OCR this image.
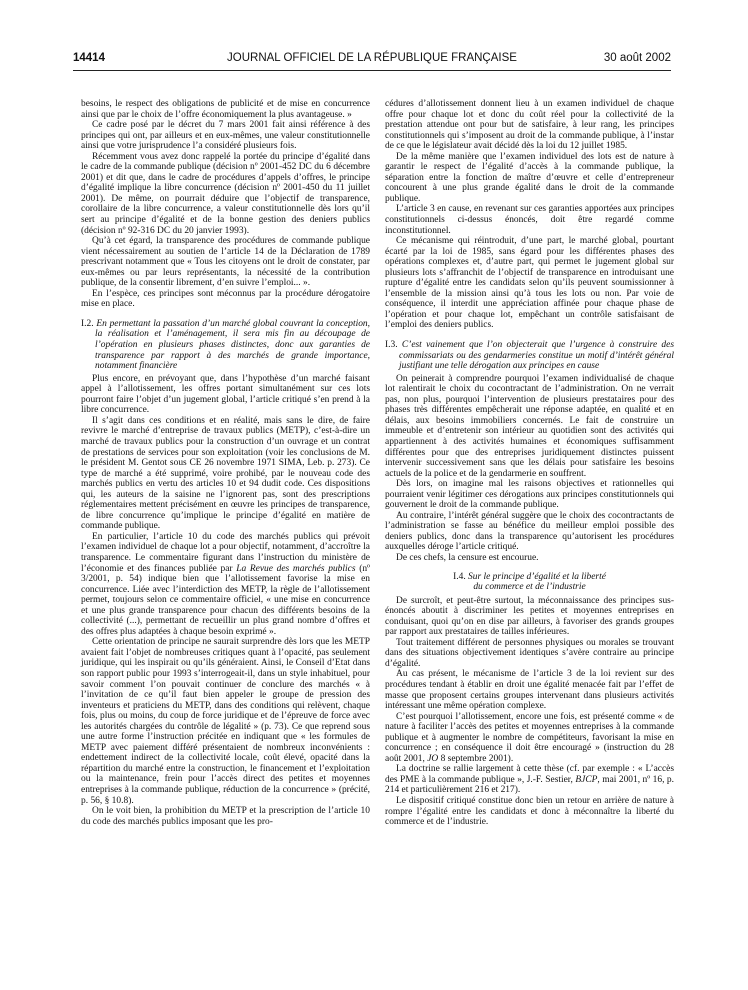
14414	JOURNAL OFFICIEL DE LA RÉPUBLIQUE FRANÇAISE	30 août 2002

besoins, le respect des obligations de publicité et de mise en concurrence ainsi que par le choix de l’offre économiquement la plus avantageuse. »

Ce cadre posé par le décret du 7 mars 2001 fait ainsi référence à des principes qui ont, par ailleurs et en eux-mêmes, une valeur constitutionnelle ainsi que votre jurisprudence l’a considéré plusieurs fois.

Récemment vous avez donc rappelé la portée du principe d’égalité dans le cadre de la commande publique (décision nº 2001-452 DC du 6 décembre 2001) et dit que, dans le cadre de procédures d’appels d’offres, le principe d’égalité implique la libre concurrence (décision nº 2001-450 du 11 juillet 2001). De même, on pourrait déduire que l’objectif de transparence, corollaire de la libre concurrence, a valeur constitutionnelle dès lors qu’il sert au principe d’égalité et de la bonne gestion des deniers publics (décision nº 92-316 DC du 20 janvier 1993).

Qu’à cet égard, la transparence des procédures de commande publique vient nécessairement au soutien de l’article 14 de la Déclaration de 1789 prescrivant notamment que « Tous les citoyens ont le droit de constater, par eux-mêmes ou par leurs représentants, la nécessité de la contribution publique, de la consentir librement, d’en suivre l’emploi... ».

En l’espèce, ces principes sont méconnus par la procédure dérogatoire mise en place.

I.2. En permettant la passation d’un marché global couvrant la conception, la réalisation et l’aménagement, il sera mis fin au découpage de l’opération en plusieurs phases distinctes, donc aux garanties de transparence par rapport à des marchés de grande importance, notamment financière

Plus encore, en prévoyant que, dans l’hypothèse d’un marché faisant appel à l’allotissement, les offres portant simultanément sur ces lots pourront faire l’objet d’un jugement global, l’article critiqué s’en prend à la libre concurrence.

Il s’agit dans ces conditions et en réalité, mais sans le dire, de faire revivre le marché d’entreprise de travaux publics (METP), c’est-à-dire un marché de travaux publics pour la construction d’un ouvrage et un contrat de prestations de services pour son exploitation (voir les conclusions de M. le président M. Gentot sous CE 26 novembre 1971 SIMA, Leb. p. 273). Ce type de marché a été supprimé, voire prohibé, par le nouveau code des marchés publics en vertu des articles 10 et 94 dudit code. Ces dispositions qui, les auteurs de la saisine ne l’ignorent pas, sont des prescriptions réglementaires mettent précisément en œuvre les principes de transparence, de libre concurrence qu’implique le principe d’égalité en matière de commande publique.

En particulier, l’article 10 du code des marchés publics qui prévoit l’examen individuel de chaque lot a pour objectif, notamment, d’accroître la transparence. Le commentaire figurant dans l’instruction du ministère de l’économie et des finances publiée par La Revue des marchés publics (nº 3/2001, p. 54) indique bien que l’allotissement favorise la mise en concurrence. Liée avec l’interdiction des METP, la règle de l’allotissement permet, toujours selon ce commentaire officiel, « une mise en concurrence et une plus grande transparence pour chacun des différents besoins de la collectivité (...), permettant de recueillir un plus grand nombre d’offres et des offres plus adaptées à chaque besoin exprimé ».

Cette orientation de principe ne saurait surprendre dès lors que les METP avaient fait l’objet de nombreuses critiques quant à l’opacité, pas seulement juridique, qui les inspirait ou qu’ils généraient. Ainsi, le Conseil d’Etat dans son rapport public pour 1993 s’interrogeait-il, dans un style inhabituel, pour savoir comment l’on pouvait continuer de conclure des marchés « à l’invitation de ce qu’il faut bien appeler le groupe de pression des inventeurs et praticiens du METP, dans des conditions qui relèvent, chaque fois, plus ou moins, du coup de force juridique et de l’épreuve de force avec les autorités chargées du contrôle de légalité » (p. 73). Ce que reprend sous une autre forme l’instruction précitée en indiquant que « les formules de METP avec paiement différé présentaient de nombreux inconvénients : endettement indirect de la collectivité locale, coût élevé, opacité dans la répartition du marché entre la construction, le financement et l’exploitation ou la maintenance, frein pour l’accès direct des petites et moyennes entreprises à la commande publique, réduction de la concurrence » (précité, p. 56, § 10.8).

On le voit bien, la prohibition du METP et la prescription de l’article 10 du code des marchés publics imposant que les pro-

cédures d’allotissement donnent lieu à un examen individuel de chaque offre pour chaque lot et donc du coût réel pour la collectivité de la prestation attendue ont pour but de satisfaire, à leur rang, les principes constitutionnels qui s’imposent au droit de la commande publique, à l’instar de ce que le législateur avait décidé dès la loi du 12 juillet 1985.

De la même manière que l’examen individuel des lots est de nature à garantir le respect de l’égalité d’accès à la commande publique, la séparation entre la fonction de maître d’œuvre et celle d’entrepreneur concourent à une plus grande égalité dans le droit de la commande publique.

L’article 3 en cause, en revenant sur ces garanties apportées aux principes constitutionnels ci-dessus énoncés, doit être regardé comme inconstitutionnel.

Ce mécanisme qui réintroduit, d’une part, le marché global, pourtant écarté par la loi de 1985, sans égard pour les différentes phases des opérations complexes et, d’autre part, qui permet le jugement global sur plusieurs lots s’affranchit de l’objectif de transparence en introduisant une rupture d’égalité entre les candidats selon qu’ils peuvent soumissionner à l’ensemble de la mission ainsi qu’à tous les lots ou non. Par voie de conséquence, il interdit une appréciation affinée pour chaque phase de l’opération et pour chaque lot, empêchant un contrôle satisfaisant de l’emploi des deniers publics.

I.3. C’est vainement que l’on objecterait que l’urgence à construire des commissariats ou des gendarmeries constitue un motif d’intérêt général justifiant une telle dérogation aux principes en cause

On peinerait à comprendre pourquoi l’examen individualisé de chaque lot ralentirait le choix du cocontractant de l’administration. On ne verrait pas, non plus, pourquoi l’intervention de plusieurs prestataires pour des phases très différentes empêcherait une réponse adaptée, en qualité et en délais, aux besoins immobiliers concernés. Le fait de construire un immeuble et d’entretenir son intérieur au quotidien sont des activités qui appartiennent à des activités humaines et économiques suffisamment différentes pour que des entreprises juridiquement distinctes puissent intervenir successivement sans que les délais pour satisfaire les besoins actuels de la police et de la gendarmerie en souffrent.

Dès lors, on imagine mal les raisons objectives et rationnelles qui pourraient venir légitimer ces dérogations aux principes constitutionnels qui gouvernent le droit de la commande publique.

Au contraire, l’intérêt général suggère que le choix des cocontractants de l’administration se fasse au bénéfice du meilleur emploi possible des deniers publics, donc dans la transparence qu’autorisent les procédures auxquelles déroge l’article critiqué.

De ces chefs, la censure est encourue.

I.4. Sur le principe d’égalité et la liberté
du commerce et de l’industrie

De surcroît, et peut-être surtout, la méconnaissance des principes sus-énoncés aboutit à discriminer les petites et moyennes entreprises en conduisant, quoi qu’on en dise par ailleurs, à favoriser des grands groupes par rapport aux prestataires de tailles inférieures.

Tout traitement différent de personnes physiques ou morales se trouvant dans des situations objectivement identiques s’avère contraire au principe d’égalité.

Au cas présent, le mécanisme de l’article 3 de la loi revient sur des procédures tendant à établir en droit une égalité menacée fait par l’effet de masse que proposent certains groupes intervenant dans plusieurs activités intéressant une même opération complexe.

C’est pourquoi l’allotissement, encore une fois, est présenté comme « de nature à faciliter l’accès des petites et moyennes entreprises à la commande publique et à augmenter le nombre de compétiteurs, favorisant la mise en concurrence ; en conséquence il doit être encouragé » (instruction du 28 août 2001, JO 8 septembre 2001).

La doctrine se rallie largement à cette thèse (cf. par exemple : « L’accès des PME à la commande publique », J.-F. Sestier, BJCP, mai 2001, nº 16, p. 214 et particulièrement 216 et 217).

Le dispositif critiqué constitue donc bien un retour en arrière de nature à rompre l’égalité entre les candidats et donc à méconnaître la liberté du commerce et de l’industrie.
